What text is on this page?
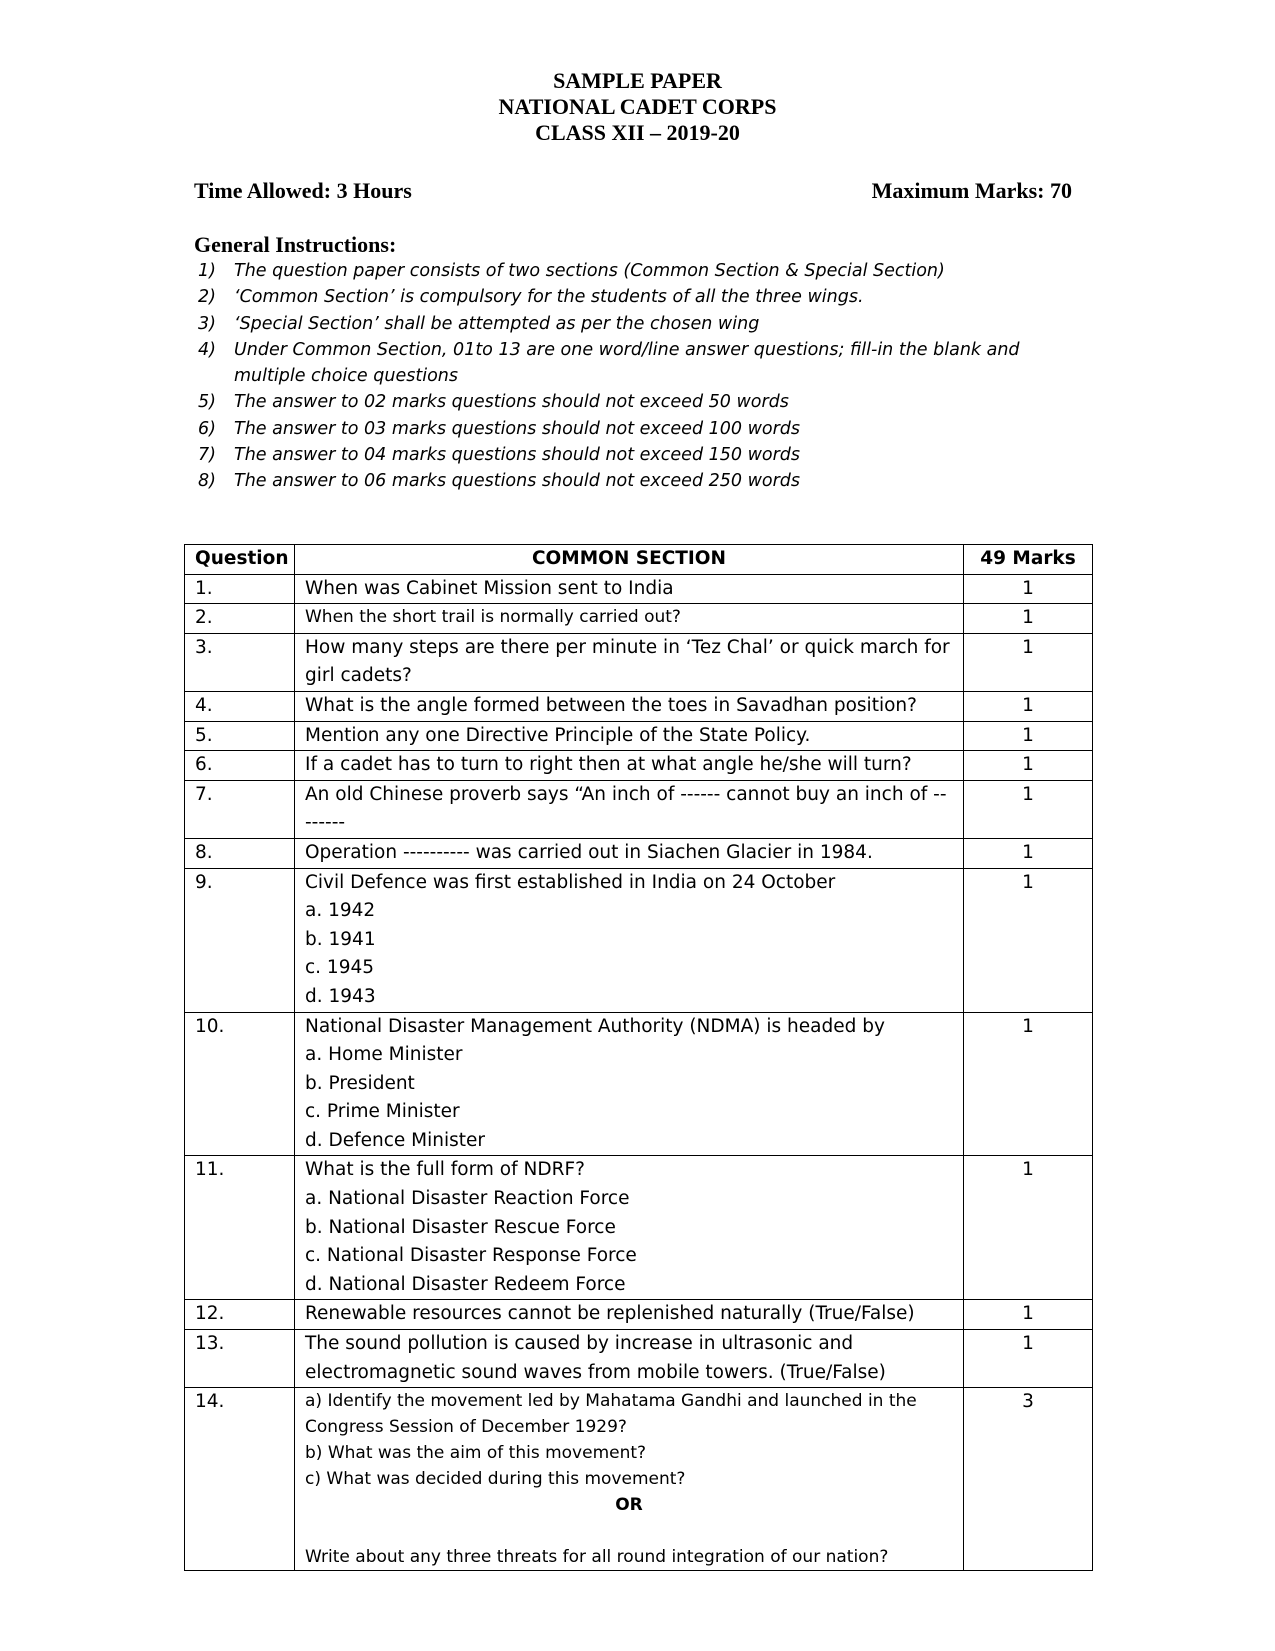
SAMPLE PAPER
NATIONAL CADET CORPS
CLASS XII – 2019-20
Time Allowed: 3 Hours	Maximum Marks: 70
General Instructions:
1) The question paper consists of two sections (Common Section & Special Section)
2) ‘Common Section’ is compulsory for the students of all the three wings.
3) ‘Special Section’ shall be attempted as per the chosen wing
4) Under Common Section, 01to 13 are one word/line answer questions; fill-in the blank and multiple choice questions
5) The answer to 02 marks questions should not exceed 50 words
6) The answer to 03 marks questions should not exceed 100 words
7) The answer to 04 marks questions should not exceed 150 words
8) The answer to 06 marks questions should not exceed 250 words
Question	COMMON SECTION	49 Marks
1.	When was Cabinet Mission sent to India	1
2.	When the short trail is normally carried out?	1
3.	How many steps are there per minute in ‘Tez Chal’ or quick march for girl cadets?	1
4.	What is the angle formed between the toes in Savadhan position?	1
5.	Mention any one Directive Principle of the State Policy.	1
6.	If a cadet has to turn to right then at what angle he/she will turn?	1
7.	An old Chinese proverb says “An inch of ------ cannot buy an inch of --------	1
8.	Operation ---------- was carried out in Siachen Glacier in 1984.	1
9.	Civil Defence was first established in India on 24 October
a. 1942
b. 1941
c. 1945
d. 1943	1
10.	National Disaster Management Authority (NDMA) is headed by
a. Home Minister
b. President
c. Prime Minister
d. Defence Minister	1
11.	What is the full form of NDRF?
a. National Disaster Reaction Force
b. National Disaster Rescue Force
c. National Disaster Response Force
d. National Disaster Redeem Force	1
12.	Renewable resources cannot be replenished naturally (True/False)	1
13.	The sound pollution is caused by increase in ultrasonic and electromagnetic sound waves from mobile towers. (True/False)	1
14.	a) Identify the movement led by Mahatama Gandhi and launched in the Congress Session of December 1929?
b) What was the aim of this movement?
c) What was decided during this movement?
OR
Write about any three threats for all round integration of our nation?	3
